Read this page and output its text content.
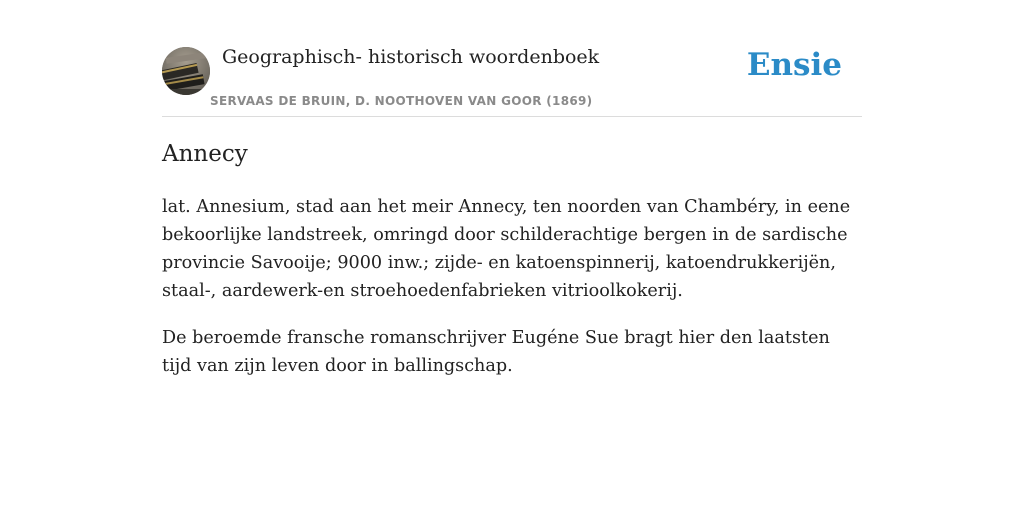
Geographisch- historisch woordenboek
SERVAAS DE BRUIN, D. NOOTHOVEN VAN GOOR (1869)
Ensie
Annecy

lat. Annesium, stad aan het meir Annecy, ten noorden van Chambéry, in eene bekoorlijke landstreek, omringd door schilderachtige bergen in de sardische provincie Savooije; 9000 inw.; zijde- en katoenspinnerij, katoendrukkerijën, staal-, aardewerk-en stroehoedenfabrieken vitrioolkokerij.

De beroemde fransche romanschrijver Eugéne Sue bragt hier den laatsten tijd van zijn leven door in ballingschap.
